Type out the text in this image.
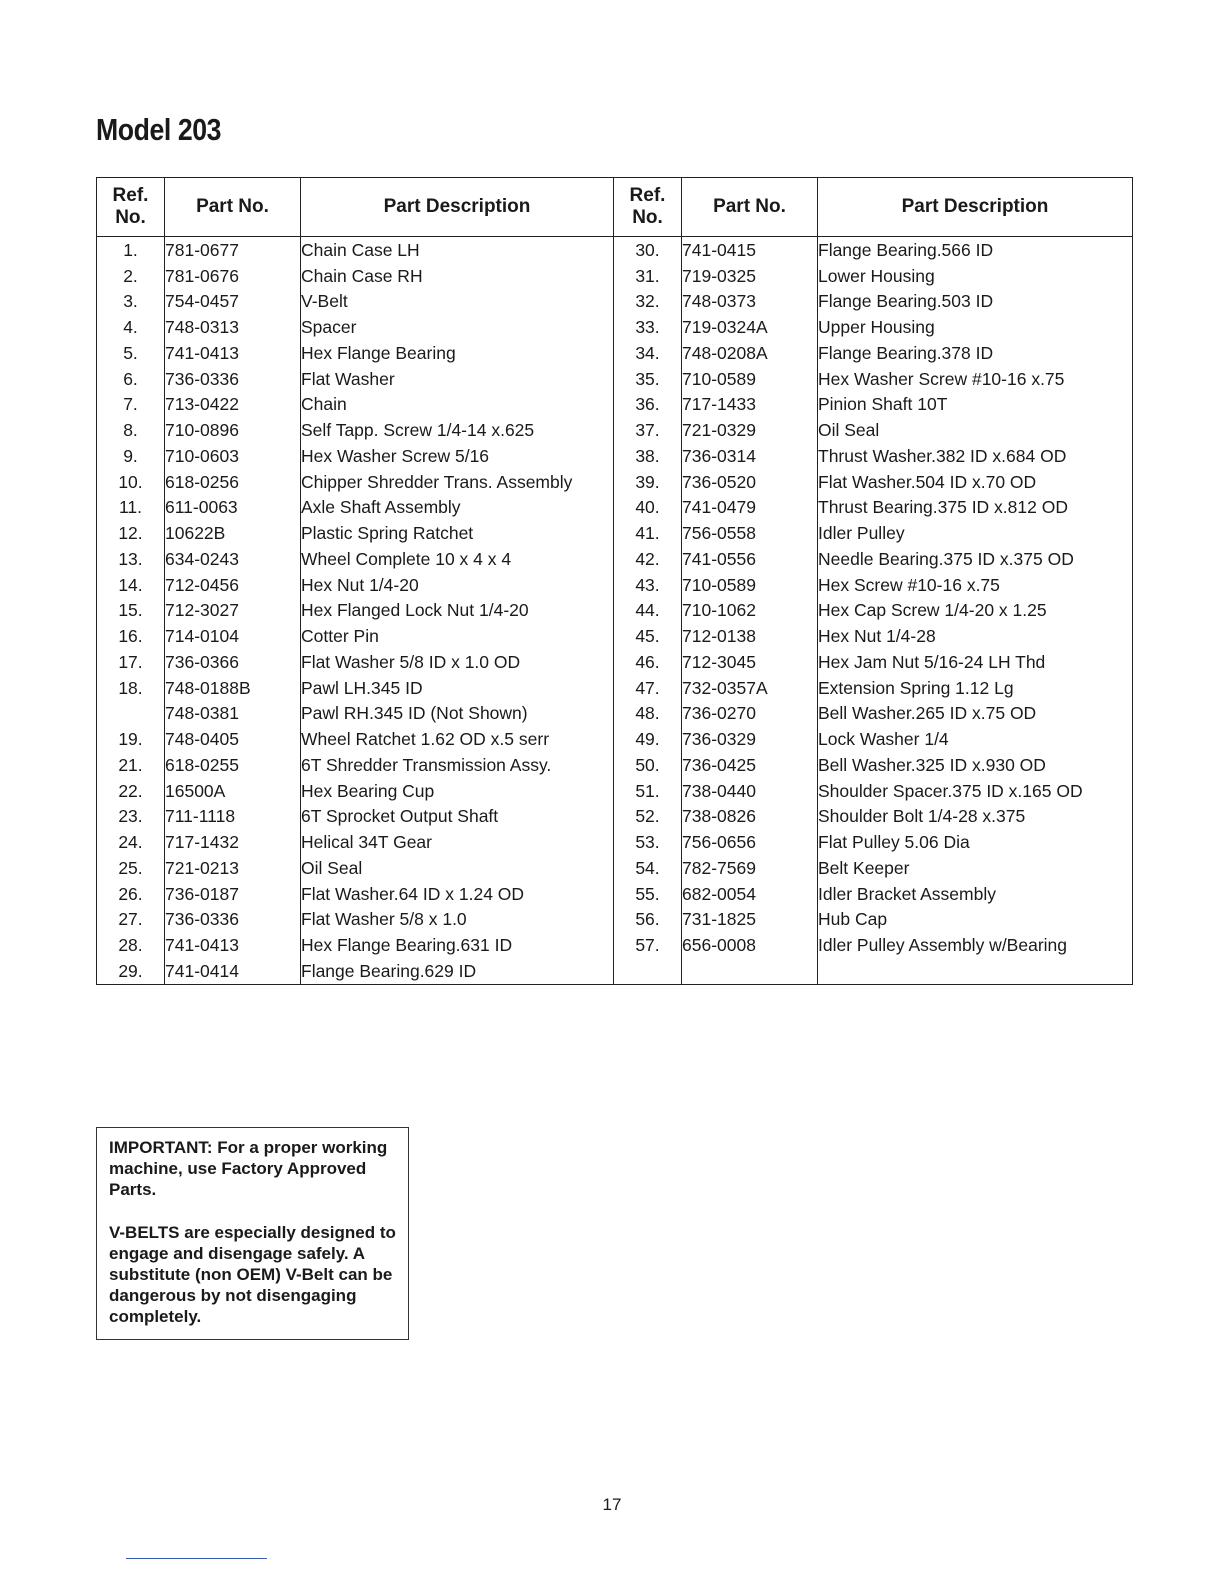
Model 203
Ref. No.	Part No.	Part Description	Ref. No.	Part No.	Part Description
1.	781-0677	Chain Case LH	30.	741-0415	Flange Bearing.566 ID
2.	781-0676	Chain Case RH	31.	719-0325	Lower Housing
3.	754-0457	V-Belt	32.	748-0373	Flange Bearing.503 ID
4.	748-0313	Spacer	33.	719-0324A	Upper Housing
5.	741-0413	Hex Flange Bearing	34.	748-0208A	Flange Bearing.378 ID
6.	736-0336	Flat Washer	35.	710-0589	Hex Washer Screw #10-16 x.75
7.	713-0422	Chain	36.	717-1433	Pinion Shaft 10T
8.	710-0896	Self Tapp. Screw 1/4-14 x.625	37.	721-0329	Oil Seal
9.	710-0603	Hex Washer Screw 5/16	38.	736-0314	Thrust Washer.382 ID x.684 OD
10.	618-0256	Chipper Shredder Trans. Assembly	39.	736-0520	Flat Washer.504 ID x.70 OD
11.	611-0063	Axle Shaft Assembly	40.	741-0479	Thrust Bearing.375 ID x.812 OD
12.	10622B	Plastic Spring Ratchet	41.	756-0558	Idler Pulley
13.	634-0243	Wheel Complete 10 x 4 x 4	42.	741-0556	Needle Bearing.375 ID x.375 OD
14.	712-0456	Hex Nut 1/4-20	43.	710-0589	Hex Screw #10-16 x.75
15.	712-3027	Hex Flanged Lock Nut 1/4-20	44.	710-1062	Hex Cap Screw 1/4-20 x 1.25
16.	714-0104	Cotter Pin	45.	712-0138	Hex Nut 1/4-28
17.	736-0366	Flat Washer 5/8 ID x 1.0 OD	46.	712-3045	Hex Jam Nut 5/16-24 LH Thd
18.	748-0188B	Pawl LH.345 ID	47.	732-0357A	Extension Spring 1.12 Lg
	748-0381	Pawl RH.345 ID (Not Shown)	48.	736-0270	Bell Washer.265 ID x.75 OD
19.	748-0405	Wheel Ratchet 1.62 OD x.5 serr	49.	736-0329	Lock Washer 1/4
21.	618-0255	6T Shredder Transmission Assy.	50.	736-0425	Bell Washer.325 ID x.930 OD
22.	16500A	Hex Bearing Cup	51.	738-0440	Shoulder Spacer.375 ID x.165 OD
23.	711-1118	6T Sprocket Output Shaft	52.	738-0826	Shoulder Bolt 1/4-28 x.375
24.	717-1432	Helical 34T Gear	53.	756-0656	Flat Pulley 5.06 Dia
25.	721-0213	Oil Seal	54.	782-7569	Belt Keeper
26.	736-0187	Flat Washer.64 ID x 1.24 OD	55.	682-0054	Idler Bracket Assembly
27.	736-0336	Flat Washer 5/8 x 1.0	56.	731-1825	Hub Cap
28.	741-0413	Hex Flange Bearing.631 ID	57.	656-0008	Idler Pulley Assembly w/Bearing
29.	741-0414	Flange Bearing.629 ID			

IMPORTANT: For a proper working machine, use Factory Approved Parts.

V-BELTS are especially designed to engage and disengage safely. A substitute (non OEM) V-Belt can be dangerous by not disengaging completely.

17
